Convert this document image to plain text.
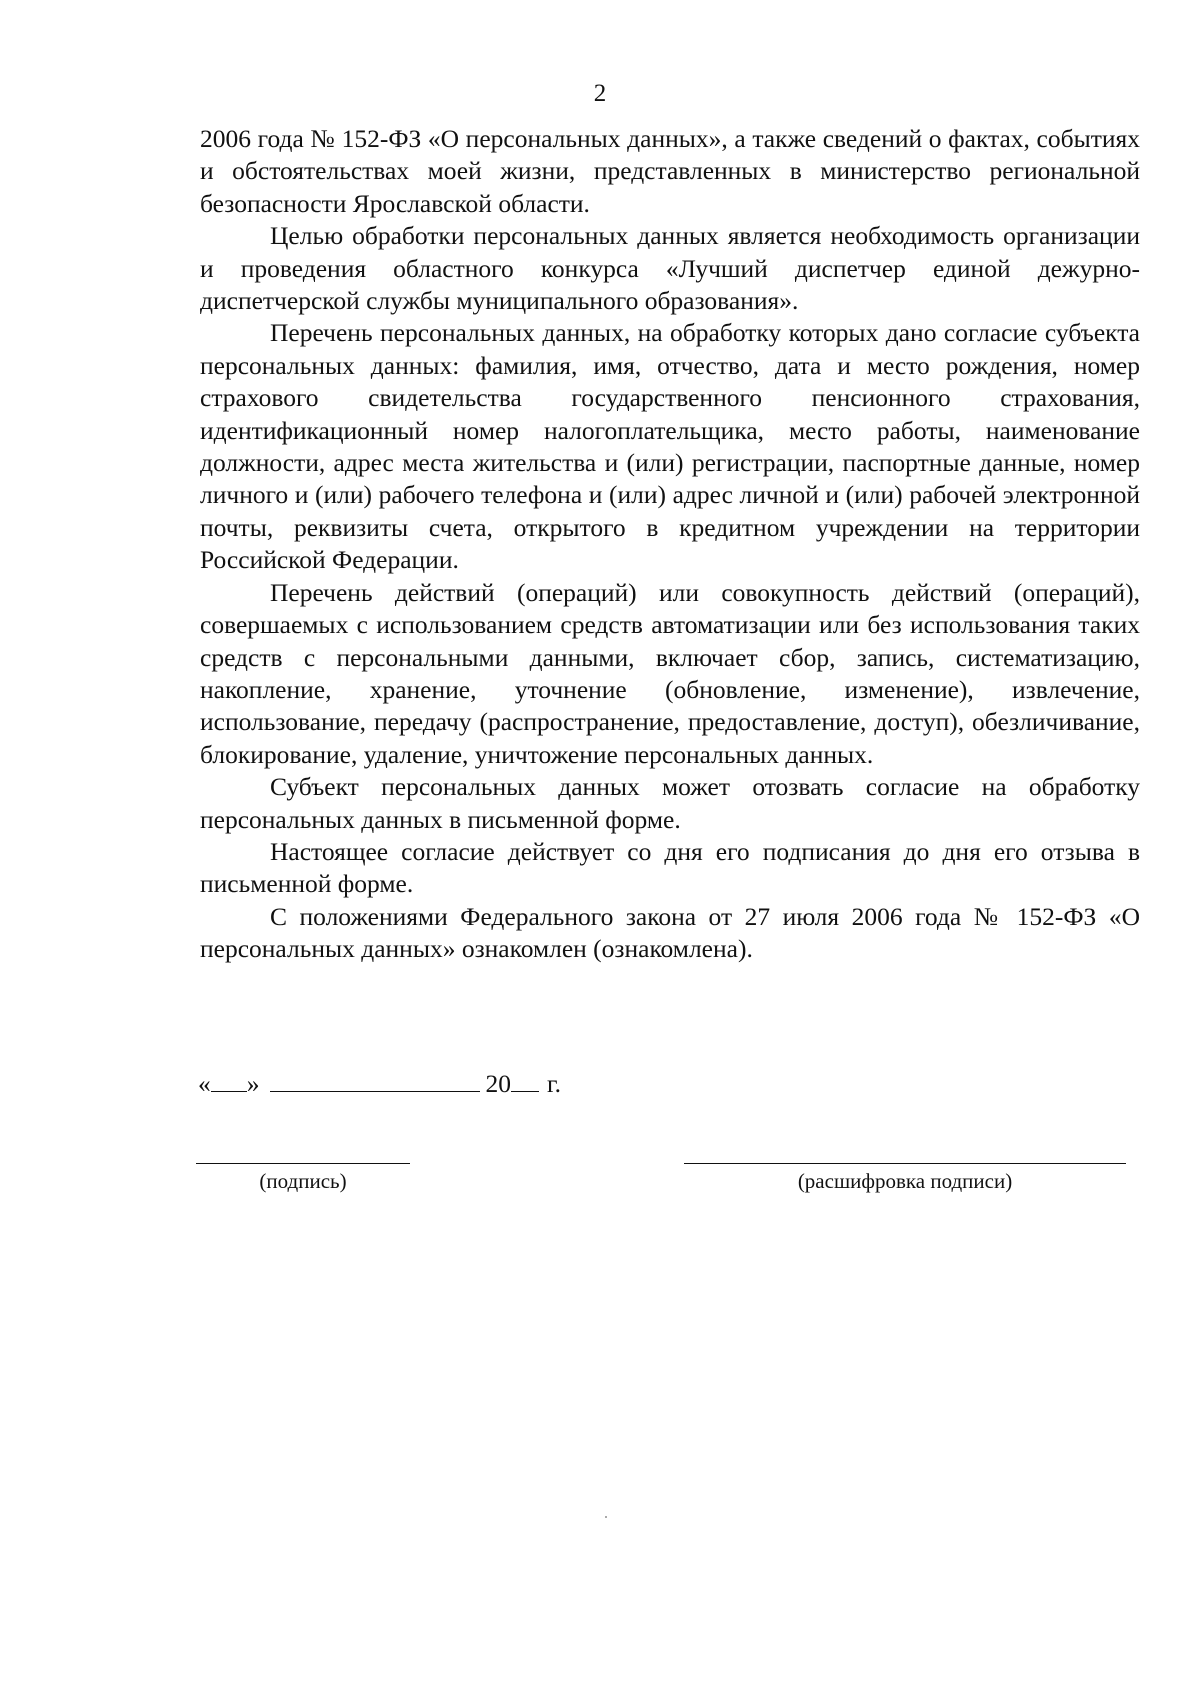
2

2006 года № 152-ФЗ «О персональных данных», а также сведений о фактах, событиях и обстоятельствах моей жизни, представленных в министерство региональной безопасности Ярославской области.

Целью обработки персональных данных является необходимость организации и проведения областного конкурса «Лучший диспетчер единой дежурно-диспетчерской службы муниципального образования».

Перечень персональных данных, на обработку которых дано согласие субъекта персональных данных: фамилия, имя, отчество, дата и место рождения, номер страхового свидетельства государственного пенсионного страхования, идентификационный номер налогоплательщика, место работы, наименование должности, адрес места жительства и (или) регистрации, паспортные данные, номер личного и (или) рабочего телефона и (или) адрес личной и (или) рабочей электронной почты, реквизиты счета, открытого в кредитном учреждении на территории Российской Федерации.

Перечень действий (операций) или совокупность действий (операций), совершаемых с использованием средств автоматизации или без использования таких средств с персональными данными, включает сбор, запись, систематизацию, накопление, хранение, уточнение (обновление, изменение), извлечение, использование, передачу (распространение, предоставление, доступ), обезличивание, блокирование, удаление, уничтожение персональных данных.

Субъект персональных данных может отозвать согласие на обработку персональных данных в письменной форме.

Настоящее согласие действует со дня его подписания до дня его отзыва в письменной форме.

С положениями Федерального закона от 27 июля 2006 года № 152-ФЗ «О персональных данных» ознакомлен (ознакомлена).

« »	20 г.
(подпись)	(расшифровка подписи)
